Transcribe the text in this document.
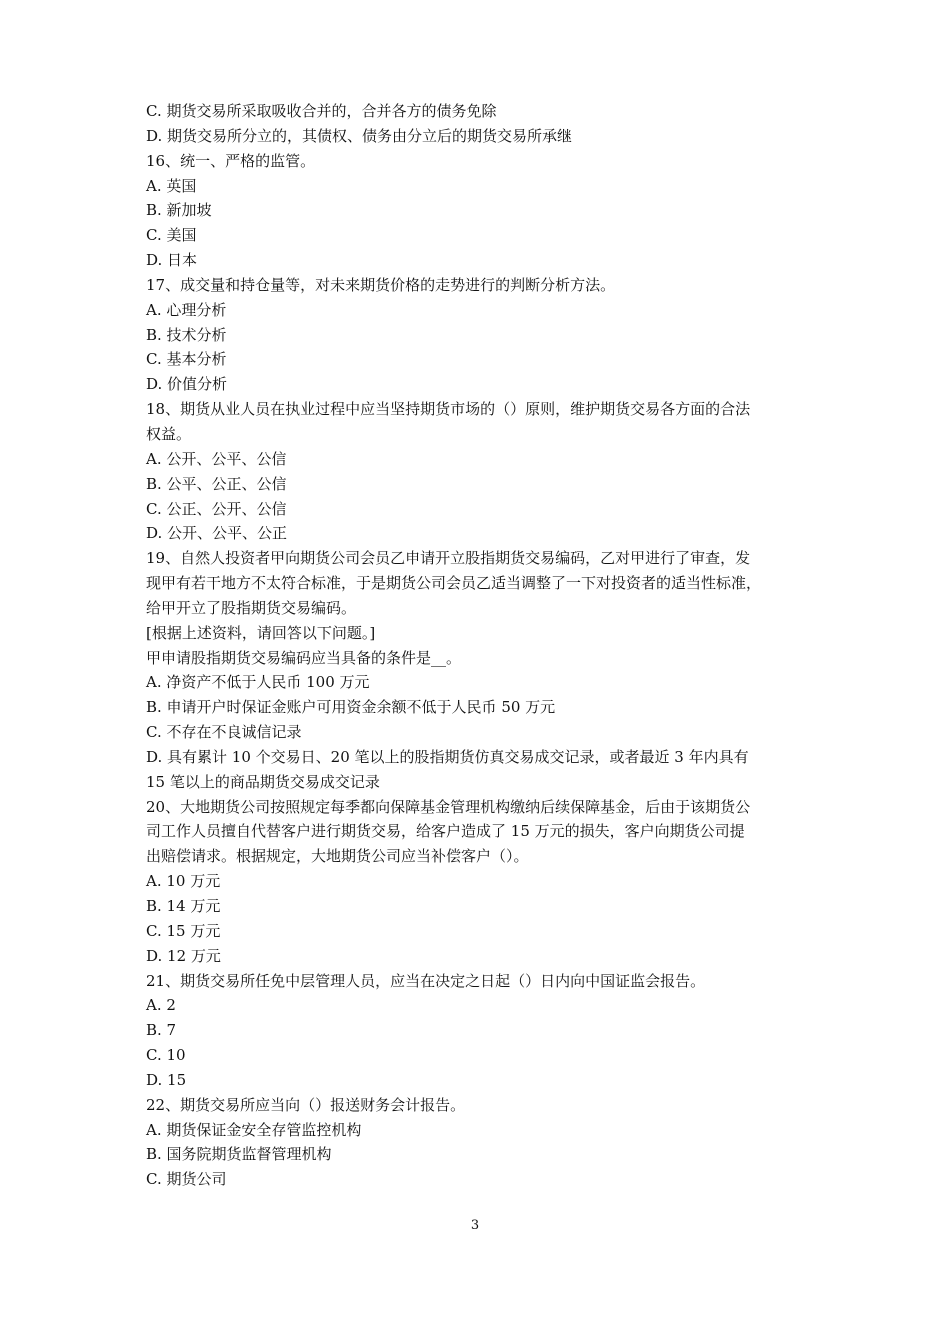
C. 期货交易所采取吸收合并的，合并各方的债务免除
D. 期货交易所分立的，其债权、债务由分立后的期货交易所承继
16、统一、严格的监管。
A. 英国
B. 新加坡
C. 美国
D. 日本
17、成交量和持仓量等，对未来期货价格的走势进行的判断分析方法。
A. 心理分析
B. 技术分析
C. 基本分析
D. 价值分析
18、期货从业人员在执业过程中应当坚持期货市场的（）原则，维护期货交易各方面的合法
权益。
A. 公开、公平、公信
B. 公平、公正、公信
C. 公正、公开、公信
D. 公开、公平、公正
19、自然人投资者甲向期货公司会员乙申请开立股指期货交易编码，乙对甲进行了审查，发
现甲有若干地方不太符合标准，于是期货公司会员乙适当调整了一下对投资者的适当性标准，
给甲开立了股指期货交易编码。
[根据上述资料，请回答以下问题。]
甲申请股指期货交易编码应当具备的条件是__。
A. 净资产不低于人民币 100 万元
B. 申请开户时保证金账户可用资金余额不低于人民币 50 万元
C. 不存在不良诚信记录
D. 具有累计 10 个交易日、20 笔以上的股指期货仿真交易成交记录，或者最近 3 年内具有
15 笔以上的商品期货交易成交记录
20、大地期货公司按照规定每季都向保障基金管理机构缴纳后续保障基金，后由于该期货公
司工作人员擅自代替客户进行期货交易，给客户造成了 15 万元的损失，客户向期货公司提
出赔偿请求。根据规定，大地期货公司应当补偿客户（）。
A. 10 万元
B. 14 万元
C. 15 万元
D. 12 万元
21、期货交易所任免中层管理人员，应当在决定之日起（）日内向中国证监会报告。
A. 2
B. 7
C. 10
D. 15
22、期货交易所应当向（）报送财务会计报告。
A. 期货保证金安全存管监控机构
B. 国务院期货监督管理机构
C. 期货公司
3
